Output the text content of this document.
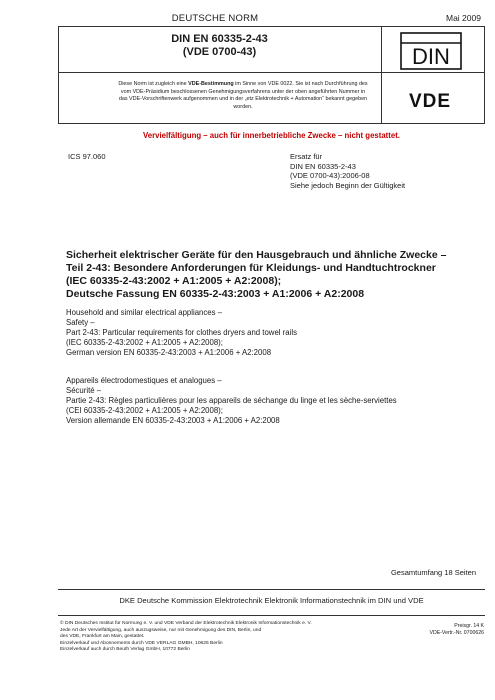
DEUTSCHE NORM	Mai 2009
DIN EN 60335-2-43
(VDE 0700-43)	DIN
VDE
Diese Norm ist zugleich eine VDE-Bestimmung im Sinne von VDE 0022. Sie ist nach Durchführung des vom VDE-Präsidium beschlossenen Genehmigungsverfahrens unter der oben angeführten Nummer in das VDE-Vorschriftenwerk aufgenommen und in der „etz Elektrotechnik + Automation“ bekannt gegeben worden.
Vervielfältigung – auch für innerbetriebliche Zwecke – nicht gestattet.
ICS 97.060	Ersatz für
DIN EN 60335-2-43
(VDE 0700-43):2006-08
Siehe jedoch Beginn der Gültigkeit
Sicherheit elektrischer Geräte für den Hausgebrauch und ähnliche Zwecke –
Teil 2-43: Besondere Anforderungen für Kleidungs- und Handtuchtrockner
(IEC 60335-2-43:2002 + A1:2005 + A2:2008);
Deutsche Fassung EN 60335-2-43:2003 + A1:2006 + A2:2008
Household and similar electrical appliances –
Safety –
Part 2-43: Particular requirements for clothes dryers and towel rails
(IEC 60335-2-43:2002 + A1:2005 + A2:2008);
German version EN 60335-2-43:2003 + A1:2006 + A2:2008
Appareils électrodomestiques et analogues –
Sécurité –
Partie 2-43: Règles particulières pour les appareils de séchange du linge et les sèche-serviettes
(CEI 60335-2-43:2002 + A1:2005 + A2:2008);
Version allemande EN 60335-2-43:2003 + A1:2006 + A2:2008
Gesamtumfang 18 Seiten
DKE Deutsche Kommission Elektrotechnik Elektronik Informationstechnik im DIN und VDE
© DIN Deutsches Institut für Normung e. V. und VDE Verband der Elektrotechnik Elektronik Informationstechnik e. V.
Jede Art der Vervielfältigung, auch auszugsweise, nur mit Genehmigung des DIN, Berlin, und
des VDE, Frankfurt am Main, gestattet.
Einzelverkauf und Abonnements durch VDE VERLAG GMBH, 10625 Berlin
Einzelverkauf auch durch Beuth Verlag GmbH, 10772 Berlin
Preisgr. 14 K
VDE-Vertr.-Nr. 0700626
